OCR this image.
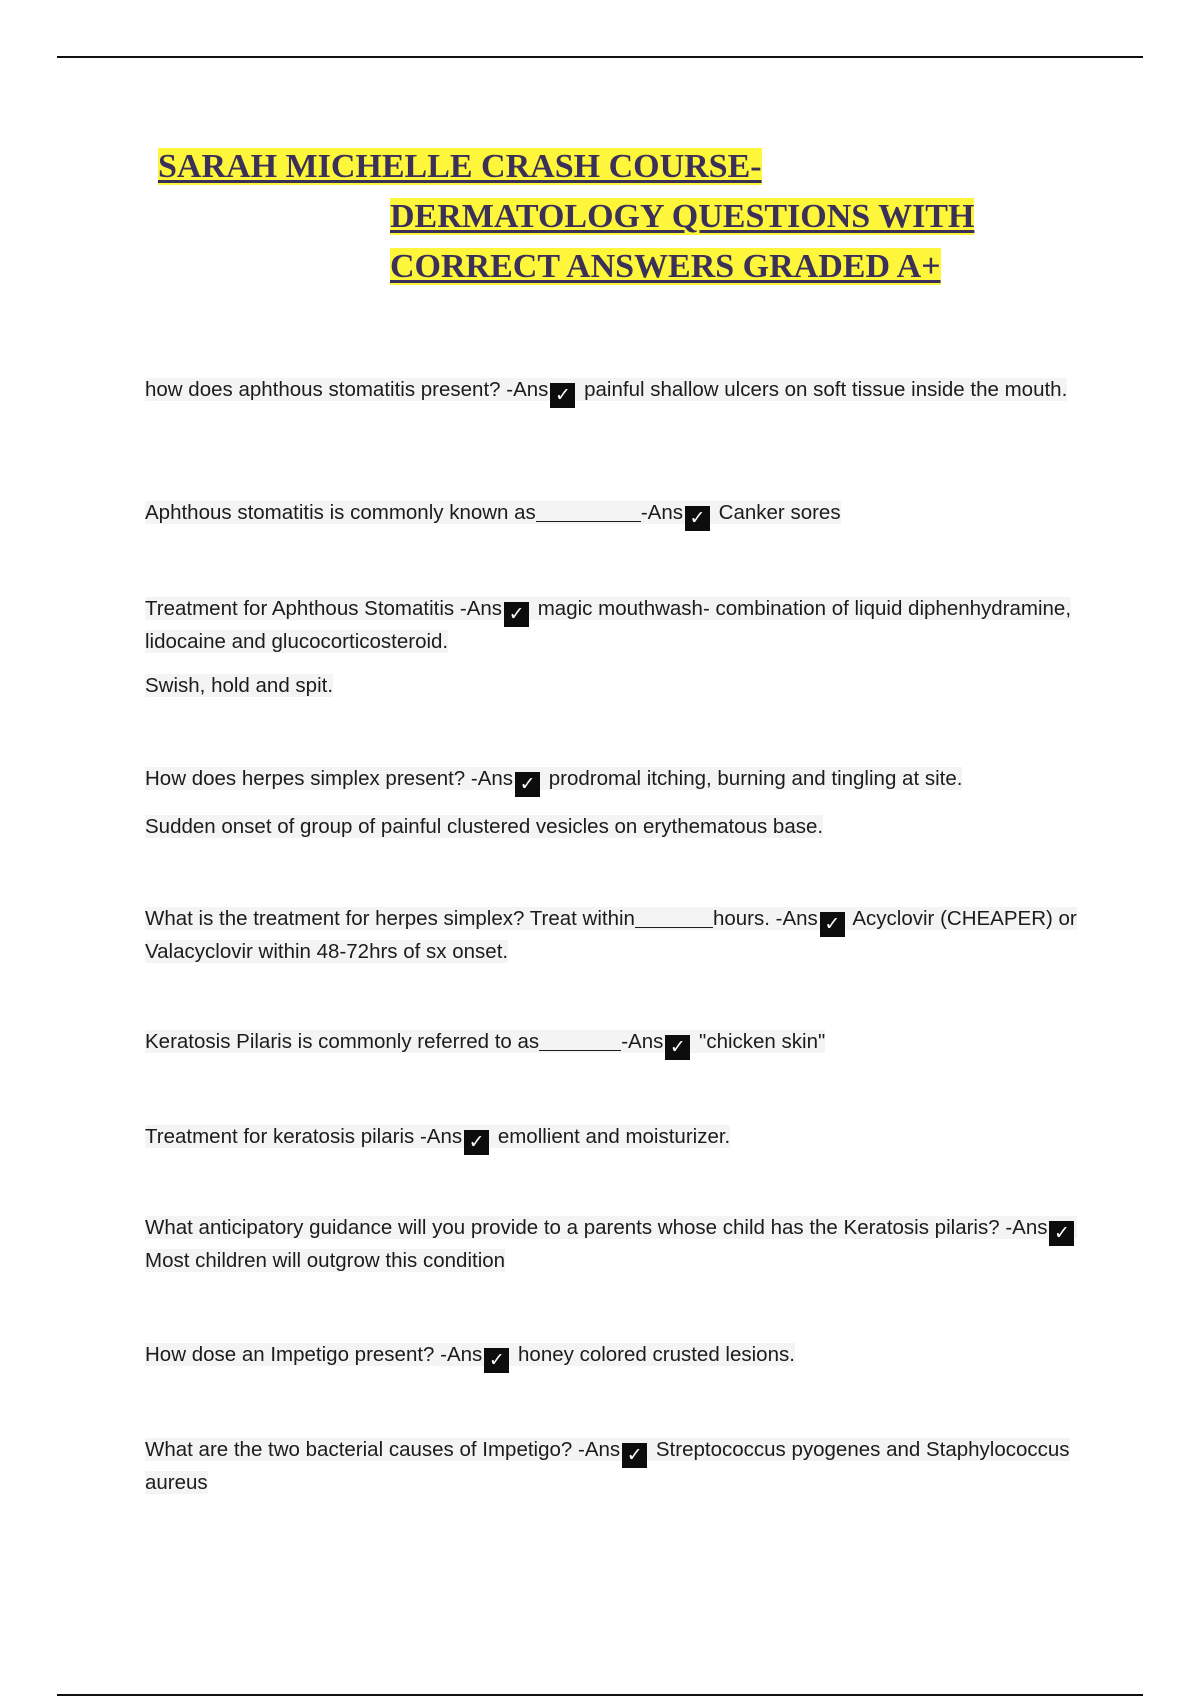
SARAH MICHELLE CRASH COURSE-
DERMATOLOGY QUESTIONS WITH
CORRECT ANSWERS GRADED A+

how does aphthous stomatitis present? -Ans ✓ painful shallow ulcers on soft tissue inside the mouth.

Aphthous stomatitis is commonly known as	-Ans ✓ Canker sores

Treatment for Aphthous Stomatitis -Ans ✓ magic mouthwash- combination of liquid diphenhydramine, lidocaine and glucocorticosteroid.

Swish, hold and spit.

How does herpes simplex present? -Ans ✓ prodromal itching, burning and tingling at site.

Sudden onset of group of painful clustered vesicles on erythematous base.

What is the treatment for herpes simplex? Treat within	hours. -Ans ✓ Acyclovir (CHEAPER) or Valacyclovir within 48-72hrs of sx onset.

Keratosis Pilaris is commonly referred to as	-Ans ✓ "chicken skin"

Treatment for keratosis pilaris -Ans ✓ emollient and moisturizer.

What anticipatory guidance will you provide to a parents whose child has the Keratosis pilaris? -Ans ✓ Most children will outgrow this condition

How dose an Impetigo present? -Ans ✓ honey colored crusted lesions.

What are the two bacterial causes of Impetigo? -Ans ✓ Streptococcus pyogenes and Staphylococcus aureus
